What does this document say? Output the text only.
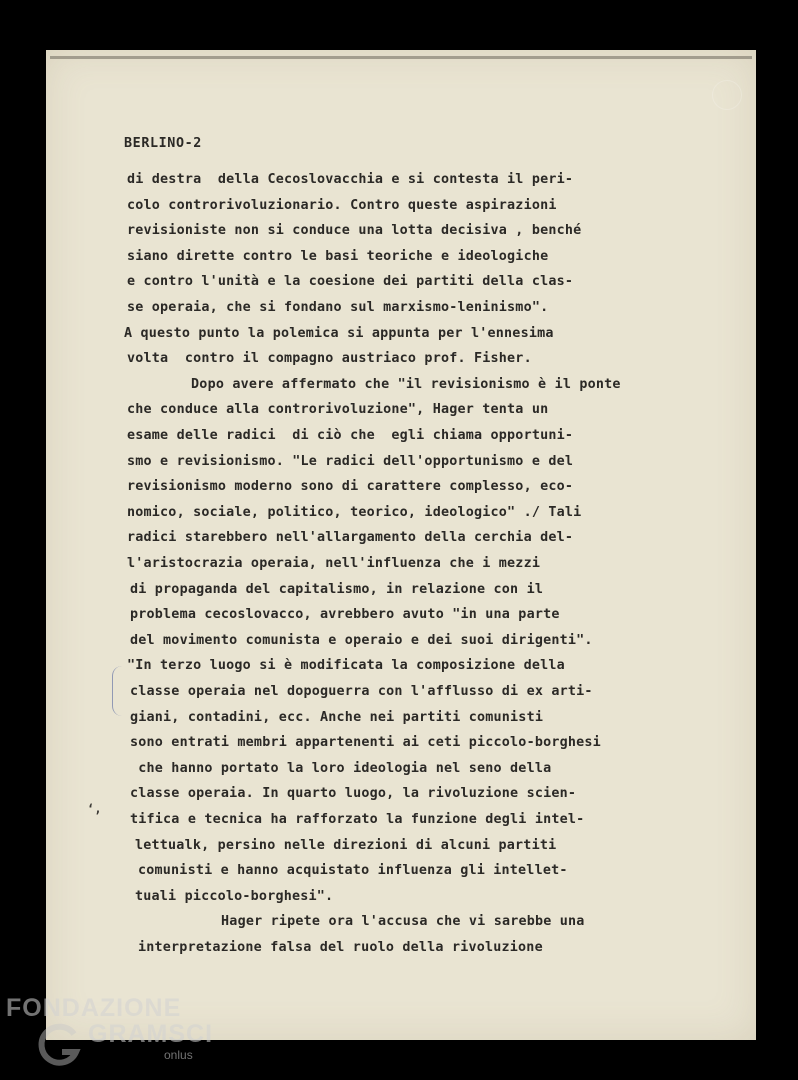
BERLINO-2
ʻ,
di destra  della Cecoslovacchia e si contesta il peri-
colo controrivoluzionario. Contro queste aspirazioni
revisioniste non si conduce una lotta decisiva , benché
siano dirette contro le basi teoriche e ideologiche
e contro l'unità e la coesione dei partiti della clas-
se operaia, che si fondano sul marxismo-leninismo".
A questo punto la polemica si appunta per l'ennesima
volta  contro il compagno austriaco prof. Fisher.
Dopo avere affermato che "il revisionismo è il ponte
che conduce alla controrivoluzione", Hager tenta un
esame delle radici  di ciò che  egli chiama opportuni-
smo e revisionismo. "Le radici dell'opportunismo e del
revisionismo moderno sono di carattere complesso, eco-
nomico, sociale, politico, teorico, ideologico" ./ Tali
radici starebbero nell'allargamento della cerchia del-
l'aristocrazia operaia, nell'influenza che i mezzi
di propaganda del capitalismo, in relazione con il
problema cecoslovacco, avrebbero avuto "in una parte
del movimento comunista e operaio e dei suoi dirigenti".
"In terzo luogo si è modificata la composizione della
classe operaia nel dopoguerra con l'afflusso di ex arti-
giani, contadini, ecc. Anche nei partiti comunisti
sono entrati membri appartenenti ai ceti piccolo-borghesi
che hanno portato la loro ideologia nel seno della
classe operaia. In quarto luogo, la rivoluzione scien-
tifica e tecnica ha rafforzato la funzione degli intel-
lettualk, persino nelle direzioni di alcuni partiti
comunisti e hanno acquistato influenza gli intellet-
tuali piccolo-borghesi".
Hager ripete ora l'accusa che vi sarebbe una
interpretazione falsa del ruolo della rivoluzione
FONDAZIONE
GRAMSCI
onlus
